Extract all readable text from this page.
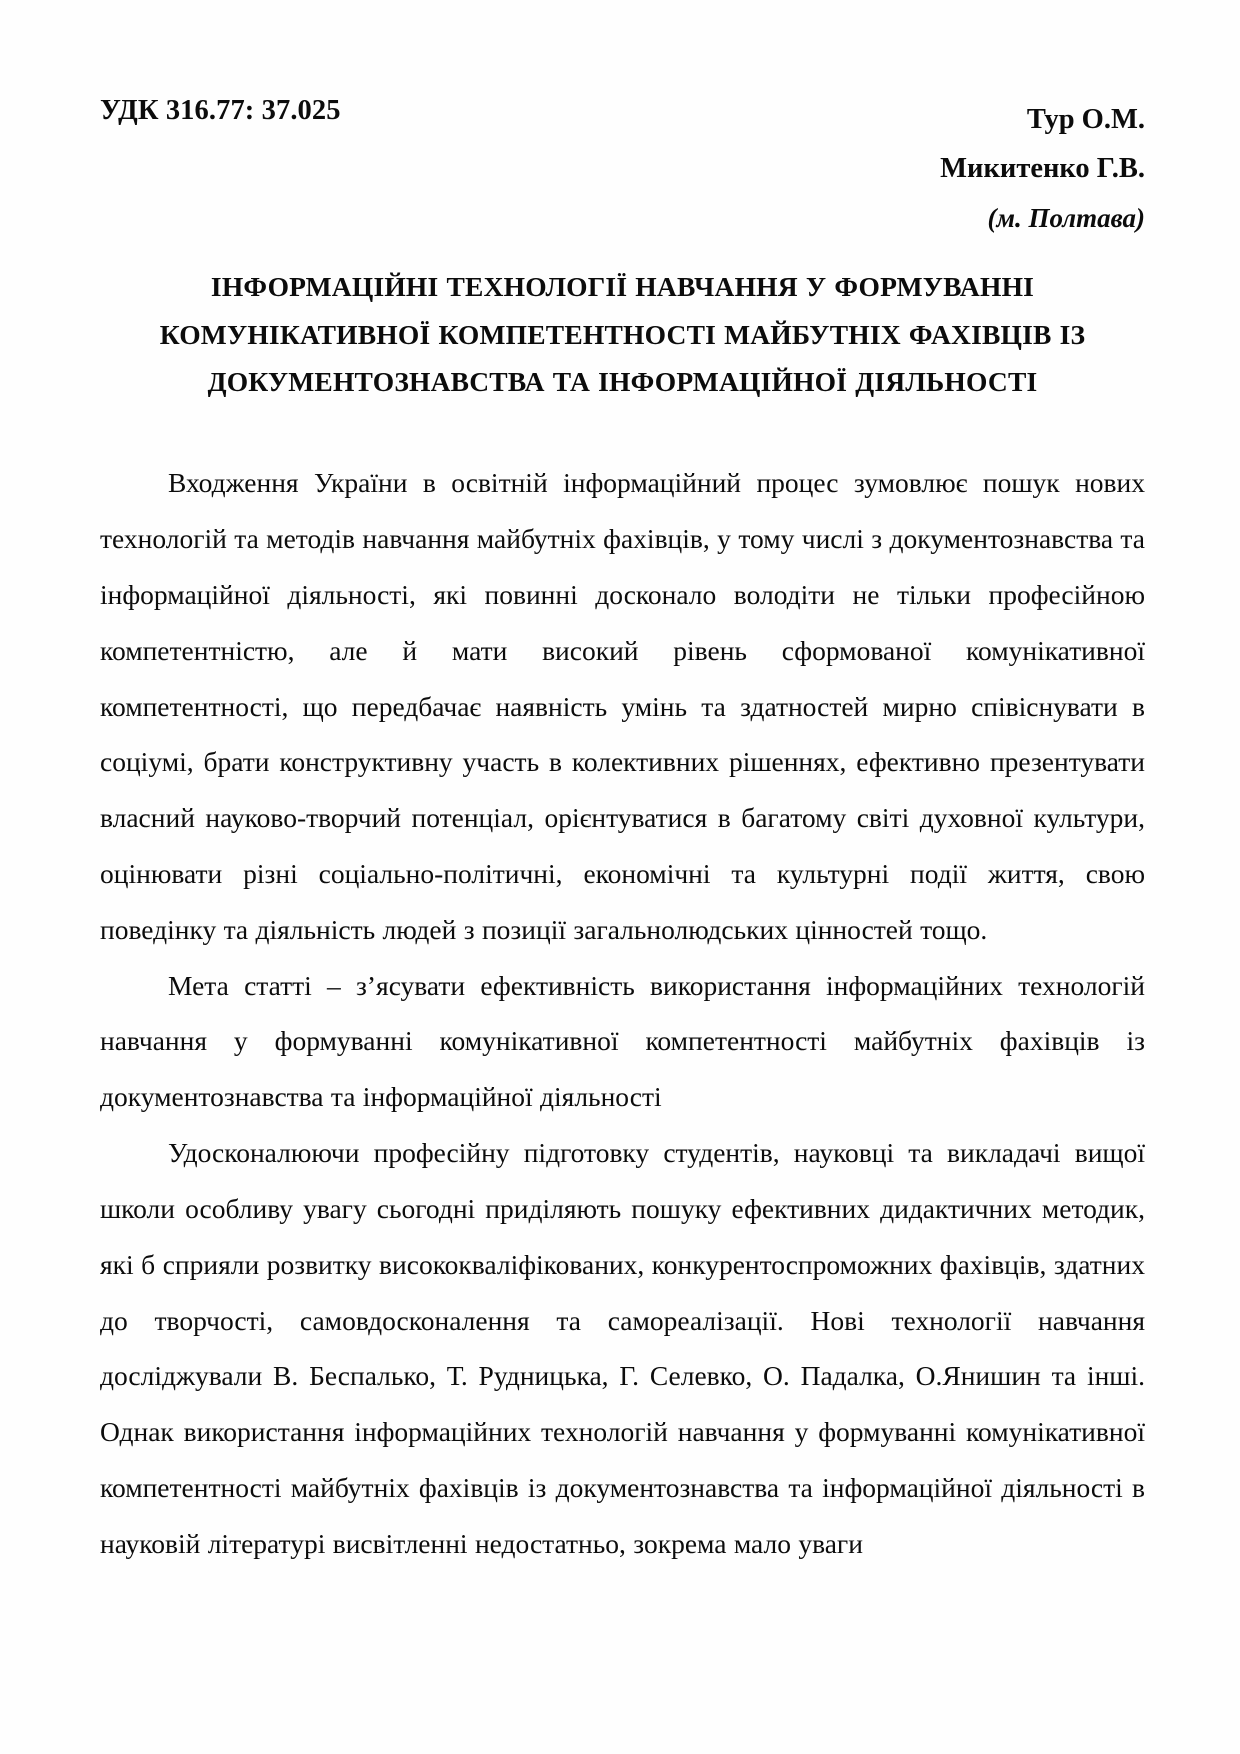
УДК 316.77: 37.025	Тур О.М.
Микитенко Г.В.
(м. Полтава)
ІНФОРМАЦІЙНІ ТЕХНОЛОГІЇ НАВЧАННЯ У ФОРМУВАННІ
КОМУНІКАТИВНОЇ КОМПЕТЕНТНОСТІ МАЙБУТНІХ ФАХІВЦІВ ІЗ
ДОКУМЕНТОЗНАВСТВА ТА ІНФОРМАЦІЙНОЇ ДІЯЛЬНОСТІ

Входження України в освітній інформаційний процес зумовлює пошук нових технологій та методів навчання майбутніх фахівців, у тому числі з документознавства та інформаційної діяльності, які повинні досконало володіти не тільки професійною компетентністю, але й мати високий рівень сформованої комунікативної компетентності, що передбачає наявність умінь та здатностей мирно співіснувати в соціумі, брати конструктивну участь в колективних рішеннях, ефективно презентувати власний науково-творчий потенціал, орієнтуватися в багатому світі духовної культури, оцінювати різні соціально-політичні, економічні та культурні події життя, свою поведінку та діяльність людей з позиції загальнолюдських цінностей тощо.

Мета статті – з’ясувати ефективність використання інформаційних технологій навчання у формуванні комунікативної компетентності майбутніх фахівців із документознавства та інформаційної діяльності

Удосконалюючи професійну підготовку студентів, науковці та викладачі вищої школи особливу увагу сьогодні приділяють пошуку ефективних дидактичних методик, які б сприяли розвитку висококваліфікованих, конкурентоспроможних фахівців, здатних до творчості, самовдосконалення та самореалізації. Нові технології навчання досліджували В. Беспалько, Т. Рудницька, Г. Селевко, О. Падалка, О.Янишин та інші. Однак використання інформаційних технологій навчання у формуванні комунікативної компетентності майбутніх фахівців із документознавства та інформаційної діяльності в науковій літературі висвітленні недостатньо, зокрема мало уваги
